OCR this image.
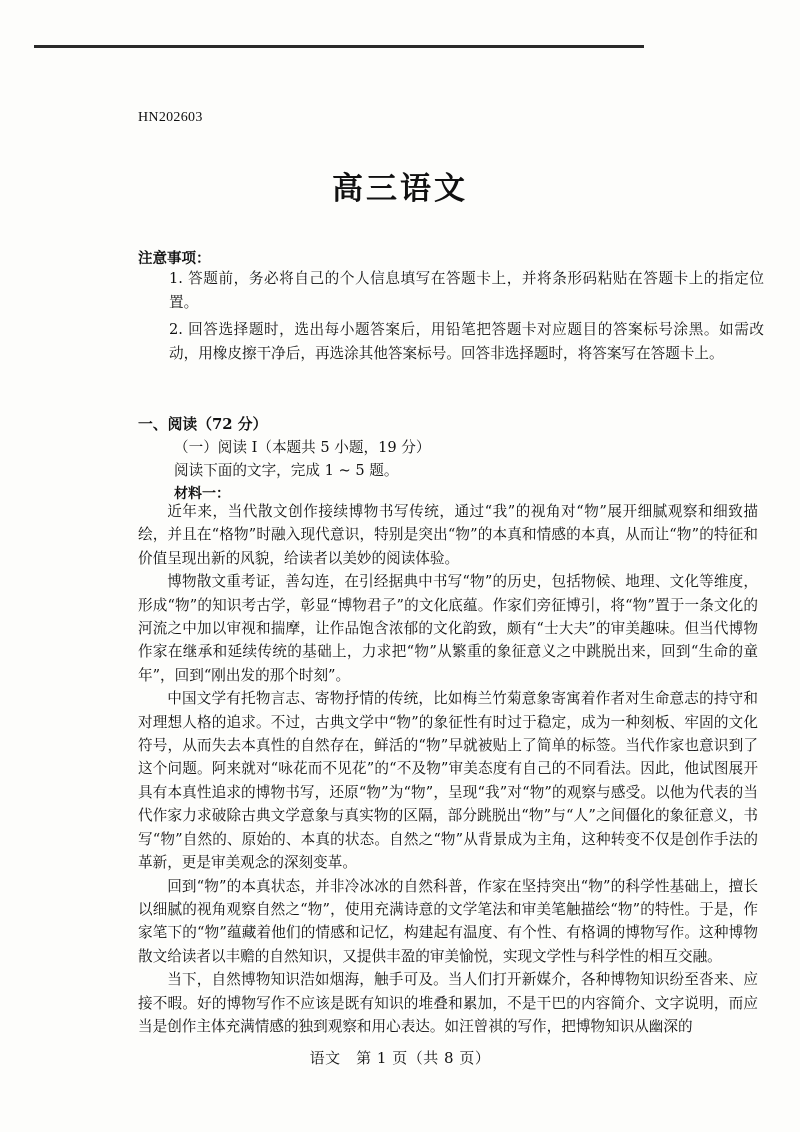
HN202603
高三语文
注意事项：
1. 答题前，务必将自己的个人信息填写在答题卡上，并将条形码粘贴在答题卡上的指定位置。
2. 回答选择题时，选出每小题答案后，用铅笔把答题卡对应题目的答案标号涂黑。如需改动，用橡皮擦干净后，再选涂其他答案标号。回答非选择题时，将答案写在答题卡上。
一、阅读（72 分）
（一）阅读 I（本题共 5 小题，19 分）
阅读下面的文字，完成 1 ~ 5 题。
材料一：

近年来，当代散文创作接续博物书写传统，通过“我”的视角对“物”展开细腻观察和细致描绘，并且在“格物”时融入现代意识，特别是突出“物”的本真和情感的本真，从而让“物”的特征和价值呈现出新的风貌，给读者以美妙的阅读体验。

博物散文重考证，善勾连，在引经据典中书写“物”的历史，包括物候、地理、文化等维度，形成“物”的知识考古学，彰显“博物君子”的文化底蕴。作家们旁征博引，将“物”置于一条文化的河流之中加以审视和揣摩，让作品饱含浓郁的文化韵致，颇有“士大夫”的审美趣味。但当代博物作家在继承和延续传统的基础上，力求把“物”从繁重的象征意义之中跳脱出来，回到“生命的童年”，回到“刚出发的那个时刻”。

中国文学有托物言志、寄物抒情的传统，比如梅兰竹菊意象寄寓着作者对生命意志的持守和对理想人格的追求。不过，古典文学中“物”的象征性有时过于稳定，成为一种刻板、牢固的文化符号，从而失去本真性的自然存在，鲜活的“物”早就被贴上了简单的标签。当代作家也意识到了这个问题。阿来就对“咏花而不见花”的“不及物”审美态度有自己的不同看法。因此，他试图展开具有本真性追求的博物书写，还原“物”为“物”，呈现“我”对“物”的观察与感受。以他为代表的当代作家力求破除古典文学意象与真实物的区隔，部分跳脱出“物”与“人”之间僵化的象征意义，书写“物”自然的、原始的、本真的状态。自然之“物”从背景成为主角，这种转变不仅是创作手法的革新，更是审美观念的深刻变革。

回到“物”的本真状态，并非冷冰冰的自然科普，作家在坚持突出“物”的科学性基础上，擅长以细腻的视角观察自然之“物”，使用充满诗意的文学笔法和审美笔触描绘“物”的特性。于是，作家笔下的“物”蕴藏着他们的情感和记忆，构建起有温度、有个性、有格调的博物写作。这种博物散文给读者以丰赡的自然知识，又提供丰盈的审美愉悦，实现文学性与科学性的相互交融。

当下，自然博物知识浩如烟海，触手可及。当人们打开新媒介，各种博物知识纷至沓来、应接不暇。好的博物写作不应该是既有知识的堆叠和累加，不是干巴的内容简介、文字说明，而应当是创作主体充满情感的独到观察和用心表达。如汪曾祺的写作，把博物知识从幽深的

语文　第 1 页（共 8 页）
